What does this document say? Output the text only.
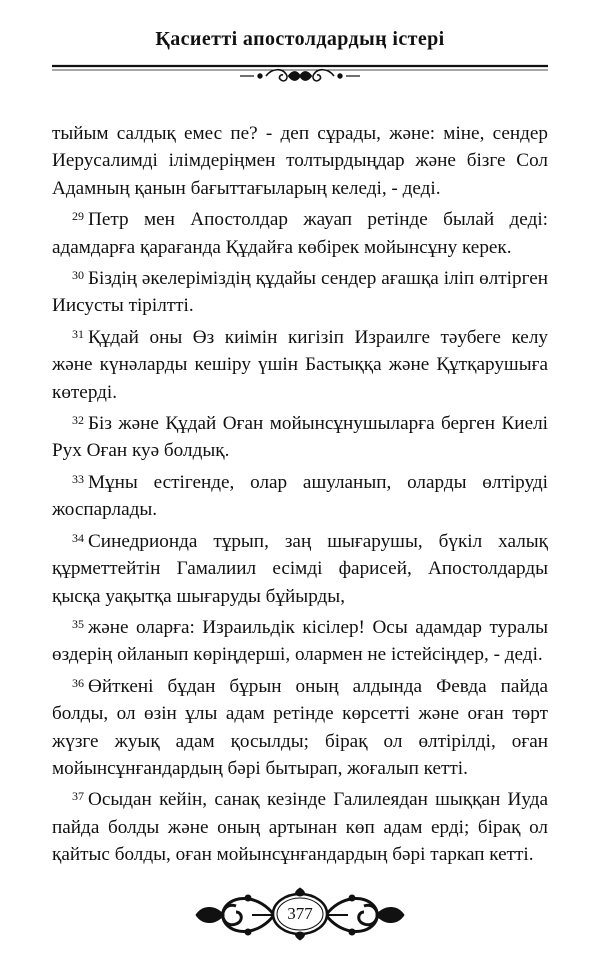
Қасиетті апостолдардың істері

тыйым салдық емес пе? - деп сұрады, және: міне, сендер Иерусалимді ілімдеріңмен толтырдыңдар және бізге Сол Адамның қанын бағыттағыларың келеді, - деді.

$^{29}$ Петр мен Апостолдар жауап ретінде былай деді: адамдарға қарағанда Құдайға көбірек мойынсұну керек.

$^{30}$ Біздің әкелеріміздің құдайы сендер ағашқа іліп өлтірген Иисусты тірілтті.

$^{31}$ Құдай оны Өз киімін кигізіп Израилге тәубеге келу және күнәларды кешіру үшін Бастыққа және Құтқарушыға көтерді.

$^{32}$ Біз және Құдай Оған мойынсұнушыларға берген Киелі Рух Оған куә болдық.

$^{33}$ Мұны естігенде, олар ашуланып, оларды өлтіруді жоспарлады.

$^{34}$ Синедрионда тұрып, заң шығарушы, бүкіл халық құрметтейтін Гамалиил есімді фарисей, Апостолдарды қысқа уақытқа шығаруды бұйырды,

$^{35}$ және оларға: Израильдік кісілер! Осы адамдар туралы өздерің ойланып көріңдерші, олармен не істейсіңдер, - деді.

$^{36}$ Өйткені бұдан бұрын оның алдында Февда пайда болды, ол өзін ұлы адам ретінде көрсетті және оған төрт жүзге жуық адам қосылды; бірақ ол өлтірілді, оған мойынсұнғандардың бәрі бытырап, жоғалып кетті.

$^{37}$ Осыдан кейін, санақ кезінде Галилеядан шыққан Иуда пайда болды және оның артынан көп адам ерді; бірақ ол қайтыс болды, оған мойынсұнғандардың бәрі таркап кетті.

377
